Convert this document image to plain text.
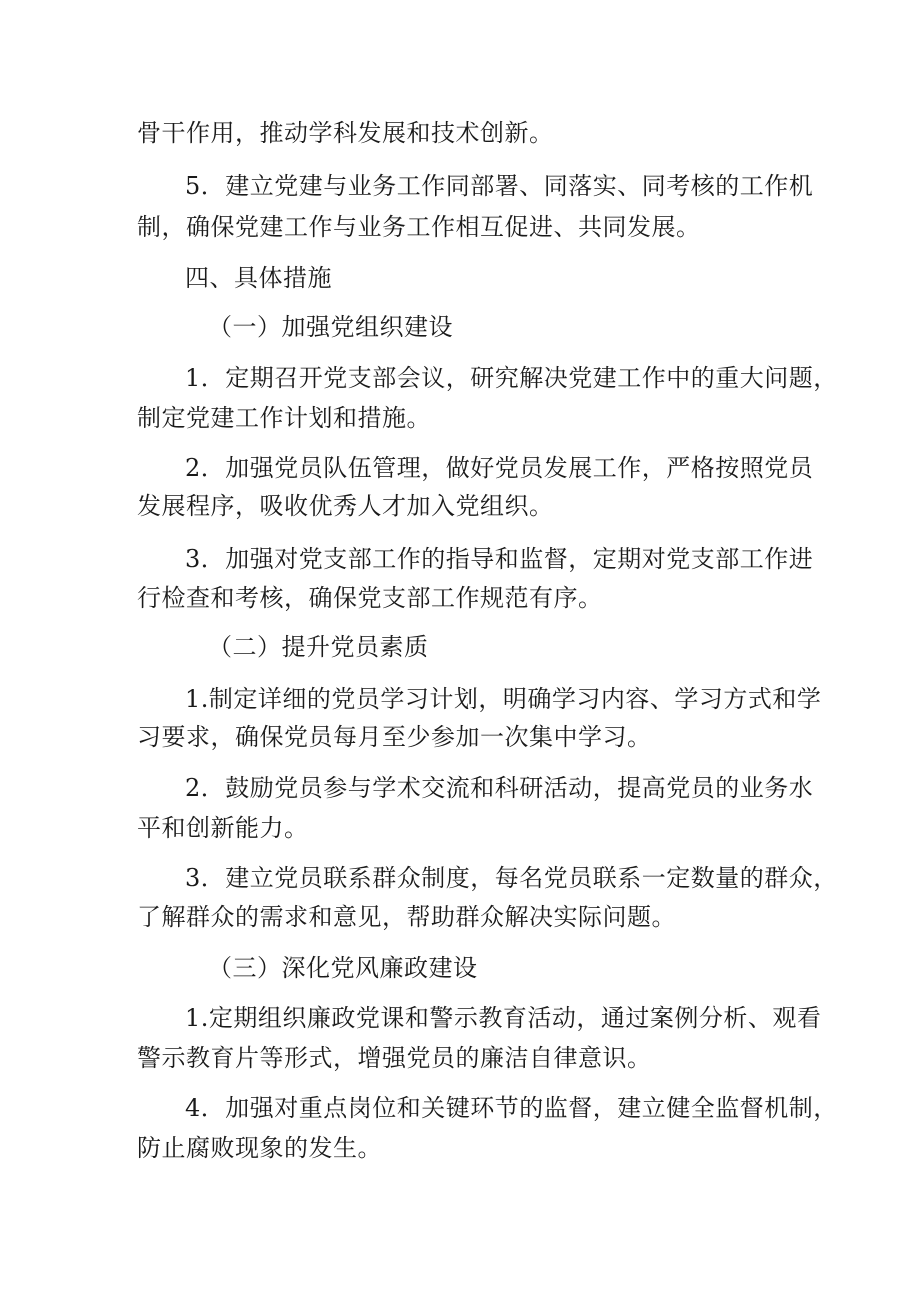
骨干作用，推动学科发展和技术创新。
5．建立党建与业务工作同部署、同落实、同考核的工作机
制，确保党建工作与业务工作相互促进、共同发展。
四、具体措施
（一）加强党组织建设
1．定期召开党支部会议，研究解决党建工作中的重大问题，
制定党建工作计划和措施。
2．加强党员队伍管理，做好党员发展工作，严格按照党员
发展程序，吸收优秀人才加入党组织。
3．加强对党支部工作的指导和监督，定期对党支部工作进
行检查和考核，确保党支部工作规范有序。
（二）提升党员素质
1.制定详细的党员学习计划，明确学习内容、学习方式和学
习要求，确保党员每月至少参加一次集中学习。
2．鼓励党员参与学术交流和科研活动，提高党员的业务水
平和创新能力。
3．建立党员联系群众制度，每名党员联系一定数量的群众，
了解群众的需求和意见，帮助群众解决实际问题。
（三）深化党风廉政建设
1.定期组织廉政党课和警示教育活动，通过案例分析、观看
警示教育片等形式，增强党员的廉洁自律意识。
4．加强对重点岗位和关键环节的监督，建立健全监督机制，
防止腐败现象的发生。
